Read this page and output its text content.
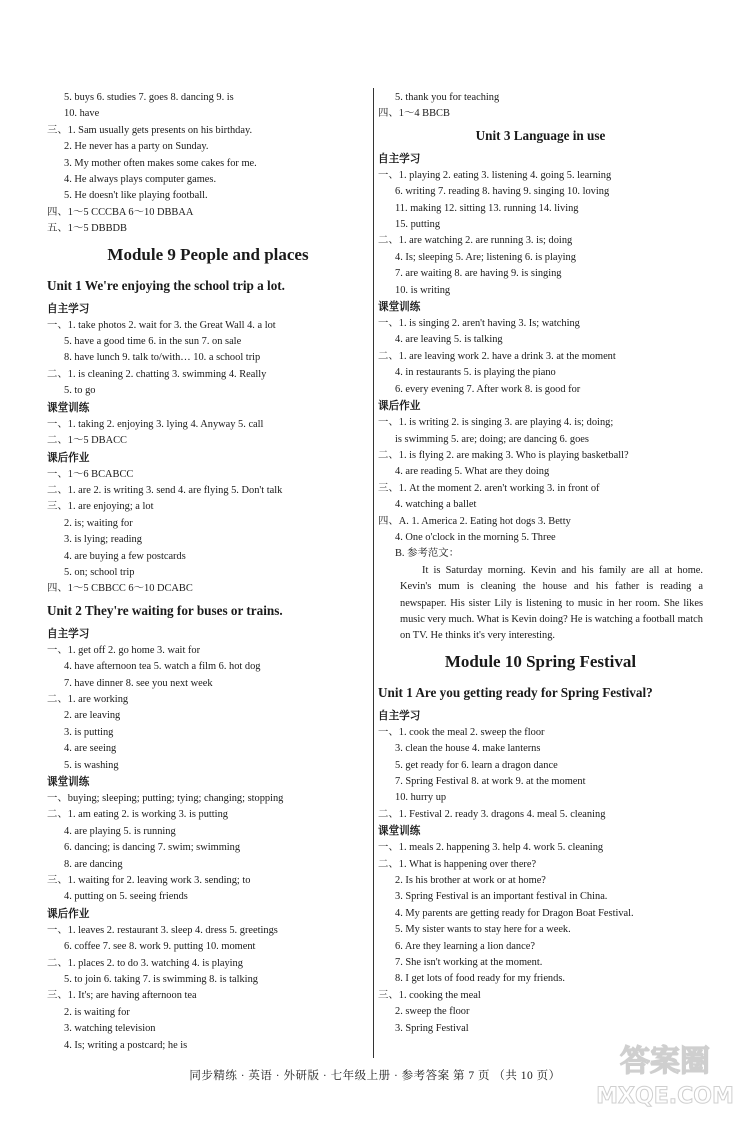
5. buys 6. studies 7. goes 8. dancing 9. is
10. have
三、1. Sam usually gets presents on his birthday.
2. He never has a party on Sunday.
3. My mother often makes some cakes for me.
4. He always plays computer games.
5. He doesn't like playing football.
四、1～5 CCCBA 6～10 DBBAA
五、1～5 DBBDB
Module 9 People and places
Unit 1 We're enjoying the school trip a lot.
自主学习
一、1. take photos 2. wait for 3. the Great Wall 4. a lot
5. have a good time 6. in the sun 7. on sale
8. have lunch 9. talk to/with… 10. a school trip
二、1. is cleaning 2. chatting 3. swimming 4. Really
5. to go
课堂训练
一、1. taking 2. enjoying 3. lying 4. Anyway 5. call
二、1～5 DBACC
课后作业
一、1～6 BCABCC
二、1. are 2. is writing 3. send 4. are flying 5. Don't talk
三、1. are enjoying; a lot
2. is; waiting for
3. is lying; reading
4. are buying a few postcards
5. on; school trip
四、1～5 CBBCC 6～10 DCABC
Unit 2 They're waiting for buses or trains.
自主学习
一、1. get off 2. go home 3. wait for
4. have afternoon tea 5. watch a film 6. hot dog
7. have dinner 8. see you next week
二、1. are working
2. are leaving
3. is putting
4. are seeing
5. is washing
课堂训练
一、buying; sleeping; putting; tying; changing; stopping
二、1. am eating 2. is working 3. is putting
4. are playing 5. is running
6. dancing; is dancing 7. swim; swimming
8. are dancing
三、1. waiting for 2. leaving work 3. sending; to
4. putting on 5. seeing friends
课后作业
一、1. leaves 2. restaurant 3. sleep 4. dress 5. greetings
6. coffee 7. see 8. work 9. putting 10. moment
二、1. places 2. to do 3. watching 4. is playing
5. to join 6. taking 7. is swimming 8. is talking
三、1. It's; are having afternoon tea
2. is waiting for
3. watching television
4. Is; writing a postcard; he is
5. thank you for teaching
四、1～4 BBCB
Unit 3 Language in use
自主学习
一、1. playing 2. eating 3. listening 4. going 5. learning
6. writing 7. reading 8. having 9. singing 10. loving
11. making 12. sitting 13. running 14. living
15. putting
二、1. are watching 2. are running 3. is; doing
4. Is; sleeping 5. Are; listening 6. is playing
7. are waiting 8. are having 9. is singing
10. is writing
课堂训练
一、1. is singing 2. aren't having 3. Is; watching
4. are leaving 5. is talking
二、1. are leaving work 2. have a drink 3. at the moment
4. in restaurants 5. is playing the piano
6. every evening 7. After work 8. is good for
课后作业
一、1. is writing 2. is singing 3. are playing 4. is; doing;
is swimming 5. are; doing; are dancing 6. goes
二、1. is flying 2. are making 3. Who is playing basketball?
4. are reading 5. What are they doing
三、1. At the moment 2. aren't working 3. in front of
4. watching a ballet
四、A. 1. America 2. Eating hot dogs 3. Betty
4. One o'clock in the morning 5. Three
B. 参考范文：
It is Saturday morning. Kevin and his family are all at home. Kevin's mum is cleaning the house and his father is reading a newspaper. His sister Lily is listening to music in her room. She likes music very much. What is Kevin doing? He is watching a football match on TV. He thinks it's very interesting.
Module 10 Spring Festival
Unit 1 Are you getting ready for Spring Festival?
自主学习
一、1. cook the meal 2. sweep the floor
3. clean the house 4. make lanterns
5. get ready for 6. learn a dragon dance
7. Spring Festival 8. at work 9. at the moment
10. hurry up
二、1. Festival 2. ready 3. dragons 4. meal 5. cleaning
课堂训练
一、1. meals 2. happening 3. help 4. work 5. cleaning
二、1. What is happening over there?
2. Is his brother at work or at home?
3. Spring Festival is an important festival in China.
4. My parents are getting ready for Dragon Boat Festival.
5. My sister wants to stay here for a week.
6. Are they learning a lion dance?
7. She isn't working at the moment.
8. I get lots of food ready for my friends.
三、1. cooking the meal
2. sweep the floor
3. Spring Festival
同步精练 · 英语 · 外研版 · 七年级上册 · 参考答案 第 7 页 （共 10 页）	答案圈
MXQE.COM
